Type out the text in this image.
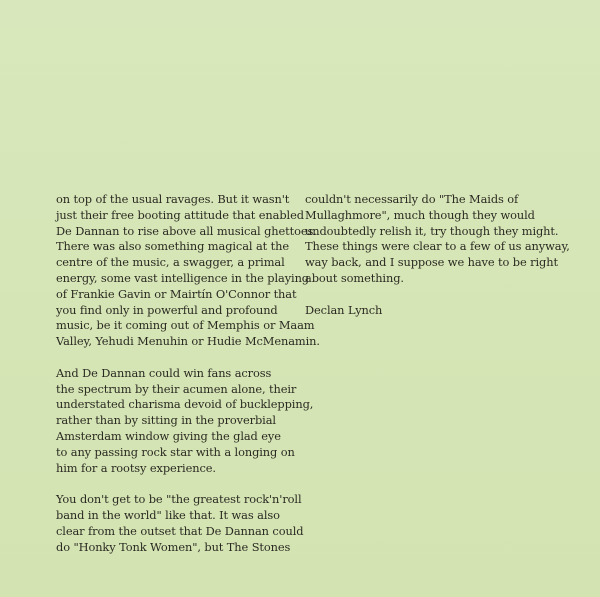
on top of the usual ravages. But it wasn't
just their free booting attitude that enabled
De Dannan to rise above all musical ghettoes.
There was also something magical at the
centre of the music, a swagger, a primal
energy, some vast intelligence in the playing
of Frankie Gavin or Mairtín O'Connor that
you find only in powerful and profound
music, be it coming out of Memphis or Maam
Valley, Yehudi Menuhin or Hudie McMenamin.

And De Dannan could win fans across
the spectrum by their acumen alone, their
understated charisma devoid of bucklepping,
rather than by sitting in the proverbial
Amsterdam window giving the glad eye
to any passing rock star with a longing on
him for a rootsy experience.

You don't get to be "the greatest rock'n'roll
band in the world" like that. It was also
clear from the outset that De Dannan could
do "Honky Tonk Women", but The Stones

couldn't necessarily do "The Maids of
Mullaghmore", much though they would
undoubtedly relish it, try though they might.
These things were clear to a few of us anyway,
way back, and I suppose we have to be right
about something.

Declan Lynch
